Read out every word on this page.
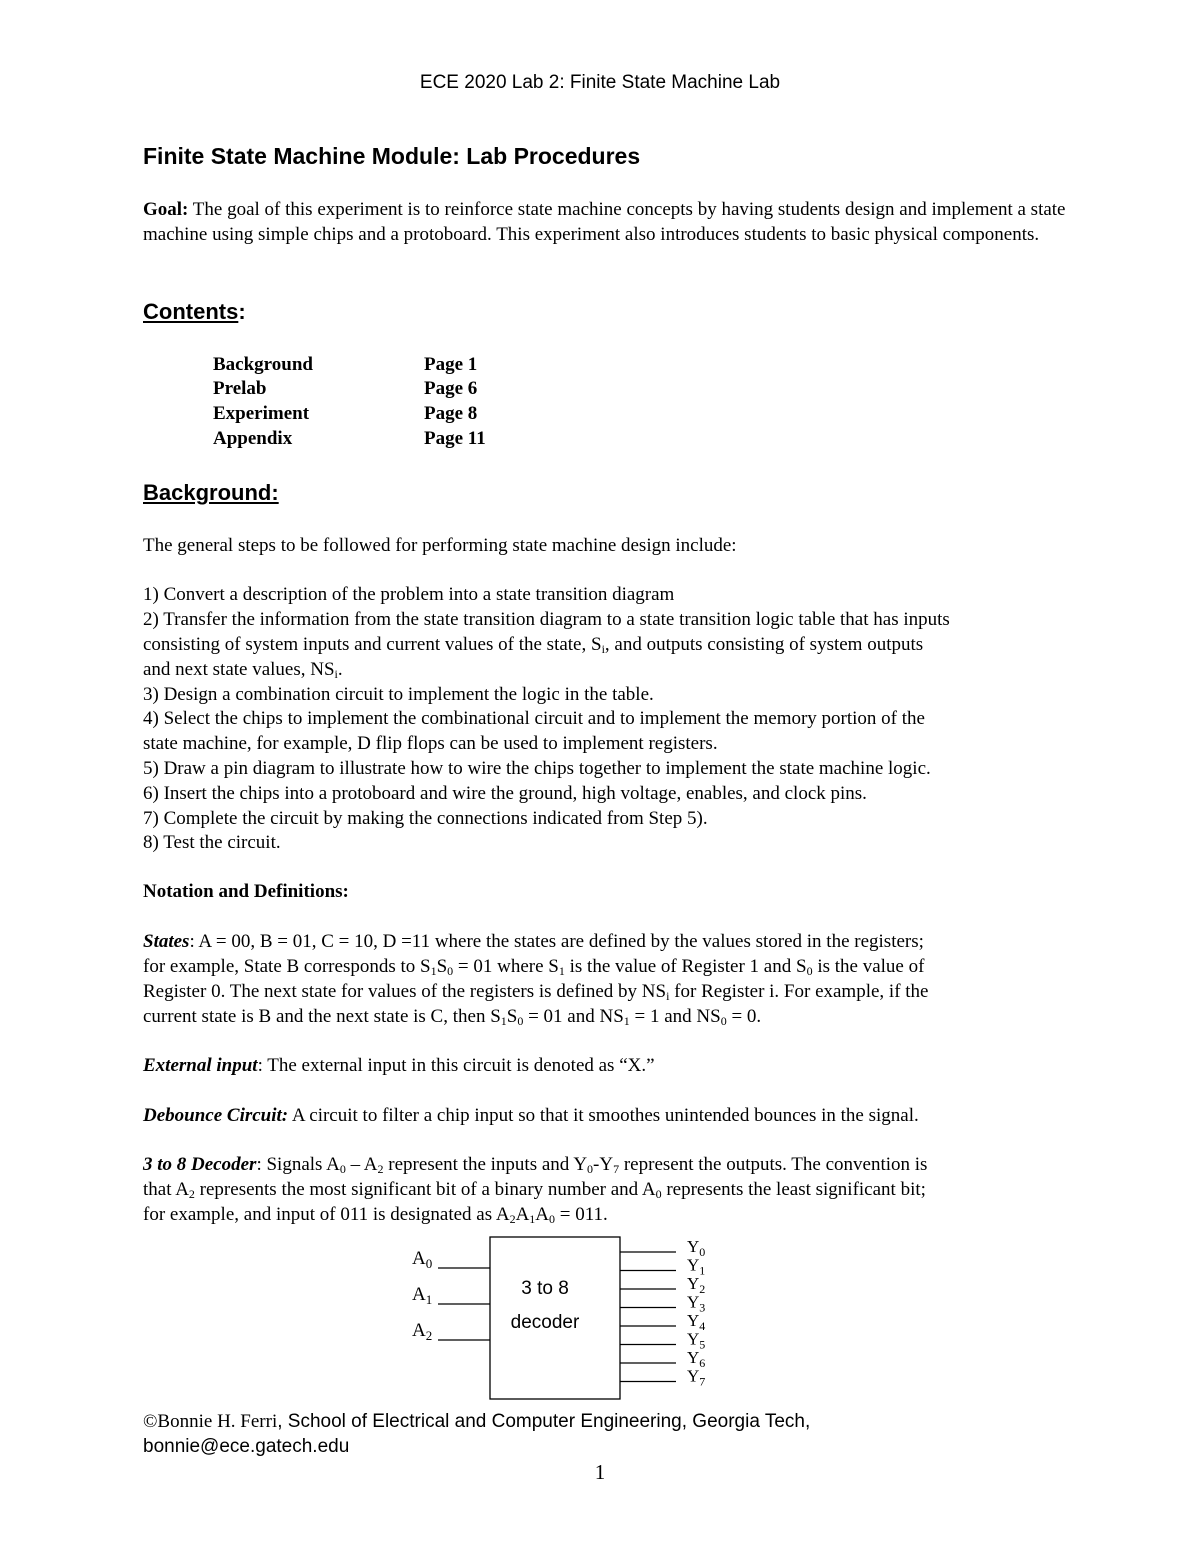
ECE 2020 Lab 2: Finite State Machine Lab
Finite State Machine Module: Lab Procedures
Goal: The goal of this experiment is to reinforce state machine concepts by having students design and implement a state machine using simple chips and a protoboard. This experiment also introduces students to basic physical components.
Contents:
Background	Page 1
Prelab	Page 6
Experiment	Page 8
Appendix	Page 11
Background:
The general steps to be followed for performing state machine design include:
1) Convert a description of the problem into a state transition diagram
2) Transfer the information from the state transition diagram to a state transition logic table that has inputs
consisting of system inputs and current values of the state, $S_i$, and outputs consisting of system outputs
and next state values, $NS_i$.
3) Design a combination circuit to implement the logic in the table.
4) Select the chips to implement the combinational circuit and to implement the memory portion of the
state machine, for example, D flip flops can be used to implement registers.
5) Draw a pin diagram to illustrate how to wire the chips together to implement the state machine logic.
6) Insert the chips into a protoboard and wire the ground, high voltage, enables, and clock pins.
7) Complete the circuit by making the connections indicated from Step 5).
8) Test the circuit.
Notation and Definitions:
States: A = 00, B = 01, C = 10, D =11 where the states are defined by the values stored in the registers;
for example, State B corresponds to $S_1S_0 = 01$ where $S_1$ is the value of Register 1 and $S_0$ is the value of
Register 0. The next state for values of the registers is defined by $NS_i$ for Register i. For example, if the
current state is B and the next state is C, then $S_1S_0 = 01$ and $NS_1 = 1$ and $NS_0 = 0$.
External input: The external input in this circuit is denoted as “X.”
Debounce Circuit: A circuit to filter a chip input so that it smoothes unintended bounces in the signal.
3 to 8 Decoder: Signals $A_0 - A_2$ represent the inputs and $Y_0-Y_7$ represent the outputs. The convention is
that $A_2$ represents the most significant bit of a binary number and $A_0$ represents the least significant bit;
for example, and input of 011 is designated as $A_2A_1A_0 = 011$.
3 to 8
decoder
$A_0$
$A_1$
$A_2$
$Y_0$
$Y_1$
$Y_2$
$Y_3$
$Y_4$
$Y_5$
$Y_6$
$Y_7$
©Bonnie H. Ferri, School of Electrical and Computer Engineering, Georgia Tech,
bonnie@ece.gatech.edu
1
